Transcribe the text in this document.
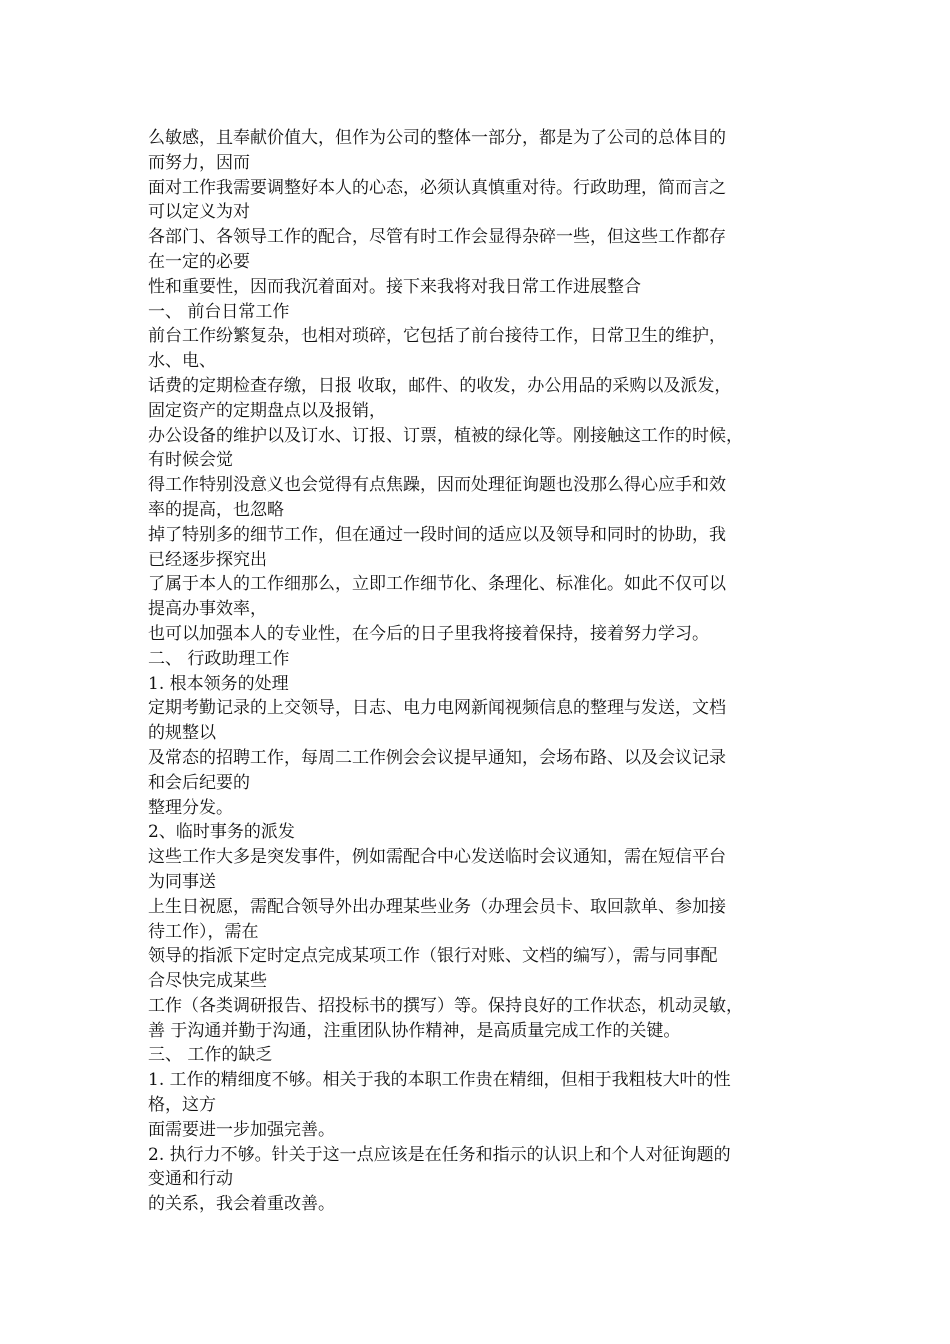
么敏感，且奉献价值大，但作为公司的整体一部分，都是为了公司的总体目的
而努力，因而
面对工作我需要调整好本人的心态，必须认真慎重对待。行政助理，简而言之
可以定义为对
各部门、各领导工作的配合，尽管有时工作会显得杂碎一些，但这些工作都存
在一定的必要
性和重要性，因而我沉着面对。接下来我将对我日常工作进展整合
一、 前台日常工作
前台工作纷繁复杂，也相对琐碎，它包括了前台接待工作，日常卫生的维护，
水、电、
话费的定期检查存缴，日报 收取，邮件、的收发，办公用品的采购以及派发，
固定资产的定期盘点以及报销，
办公设备的维护以及订水、订报、订票，植被的绿化等。刚接触这工作的时候，
有时候会觉
得工作特别没意义也会觉得有点焦躁，因而处理征询题也没那么得心应手和效
率的提高，也忽略
掉了特别多的细节工作，但在通过一段时间的适应以及领导和同时的协助，我
已经逐步探究出
了属于本人的工作细那么，立即工作细节化、条理化、标准化。如此不仅可以
提高办事效率，
也可以加强本人的专业性，在今后的日子里我将接着保持，接着努力学习。
二、 行政助理工作
1. 根本领务的处理
定期考勤记录的上交领导，日志、电力电网新闻视频信息的整理与发送，文档
的规整以
及常态的招聘工作，每周二工作例会会议提早通知，会场布路、以及会议记录
和会后纪要的
整理分发。
2、临时事务的派发
这些工作大多是突发事件，例如需配合中心发送临时会议通知，需在短信平台
为同事送
上生日祝愿，需配合领导外出办理某些业务（办理会员卡、取回款单、参加接
待工作），需在
领导的指派下定时定点完成某项工作（银行对账、文档的编写），需与同事配
合尽快完成某些
工作（各类调研报告、招投标书的撰写）等。保持良好的工作状态，机动灵敏，
善 于沟通并勤于沟通，注重团队协作精神，是高质量完成工作的关键。
三、 工作的缺乏
1. 工作的精细度不够。相关于我的本职工作贵在精细，但相于我粗枝大叶的性
格，这方
面需要进一步加强完善。
2. 执行力不够。针关于这一点应该是在任务和指示的认识上和个人对征询题的
变通和行动
的关系，我会着重改善。
